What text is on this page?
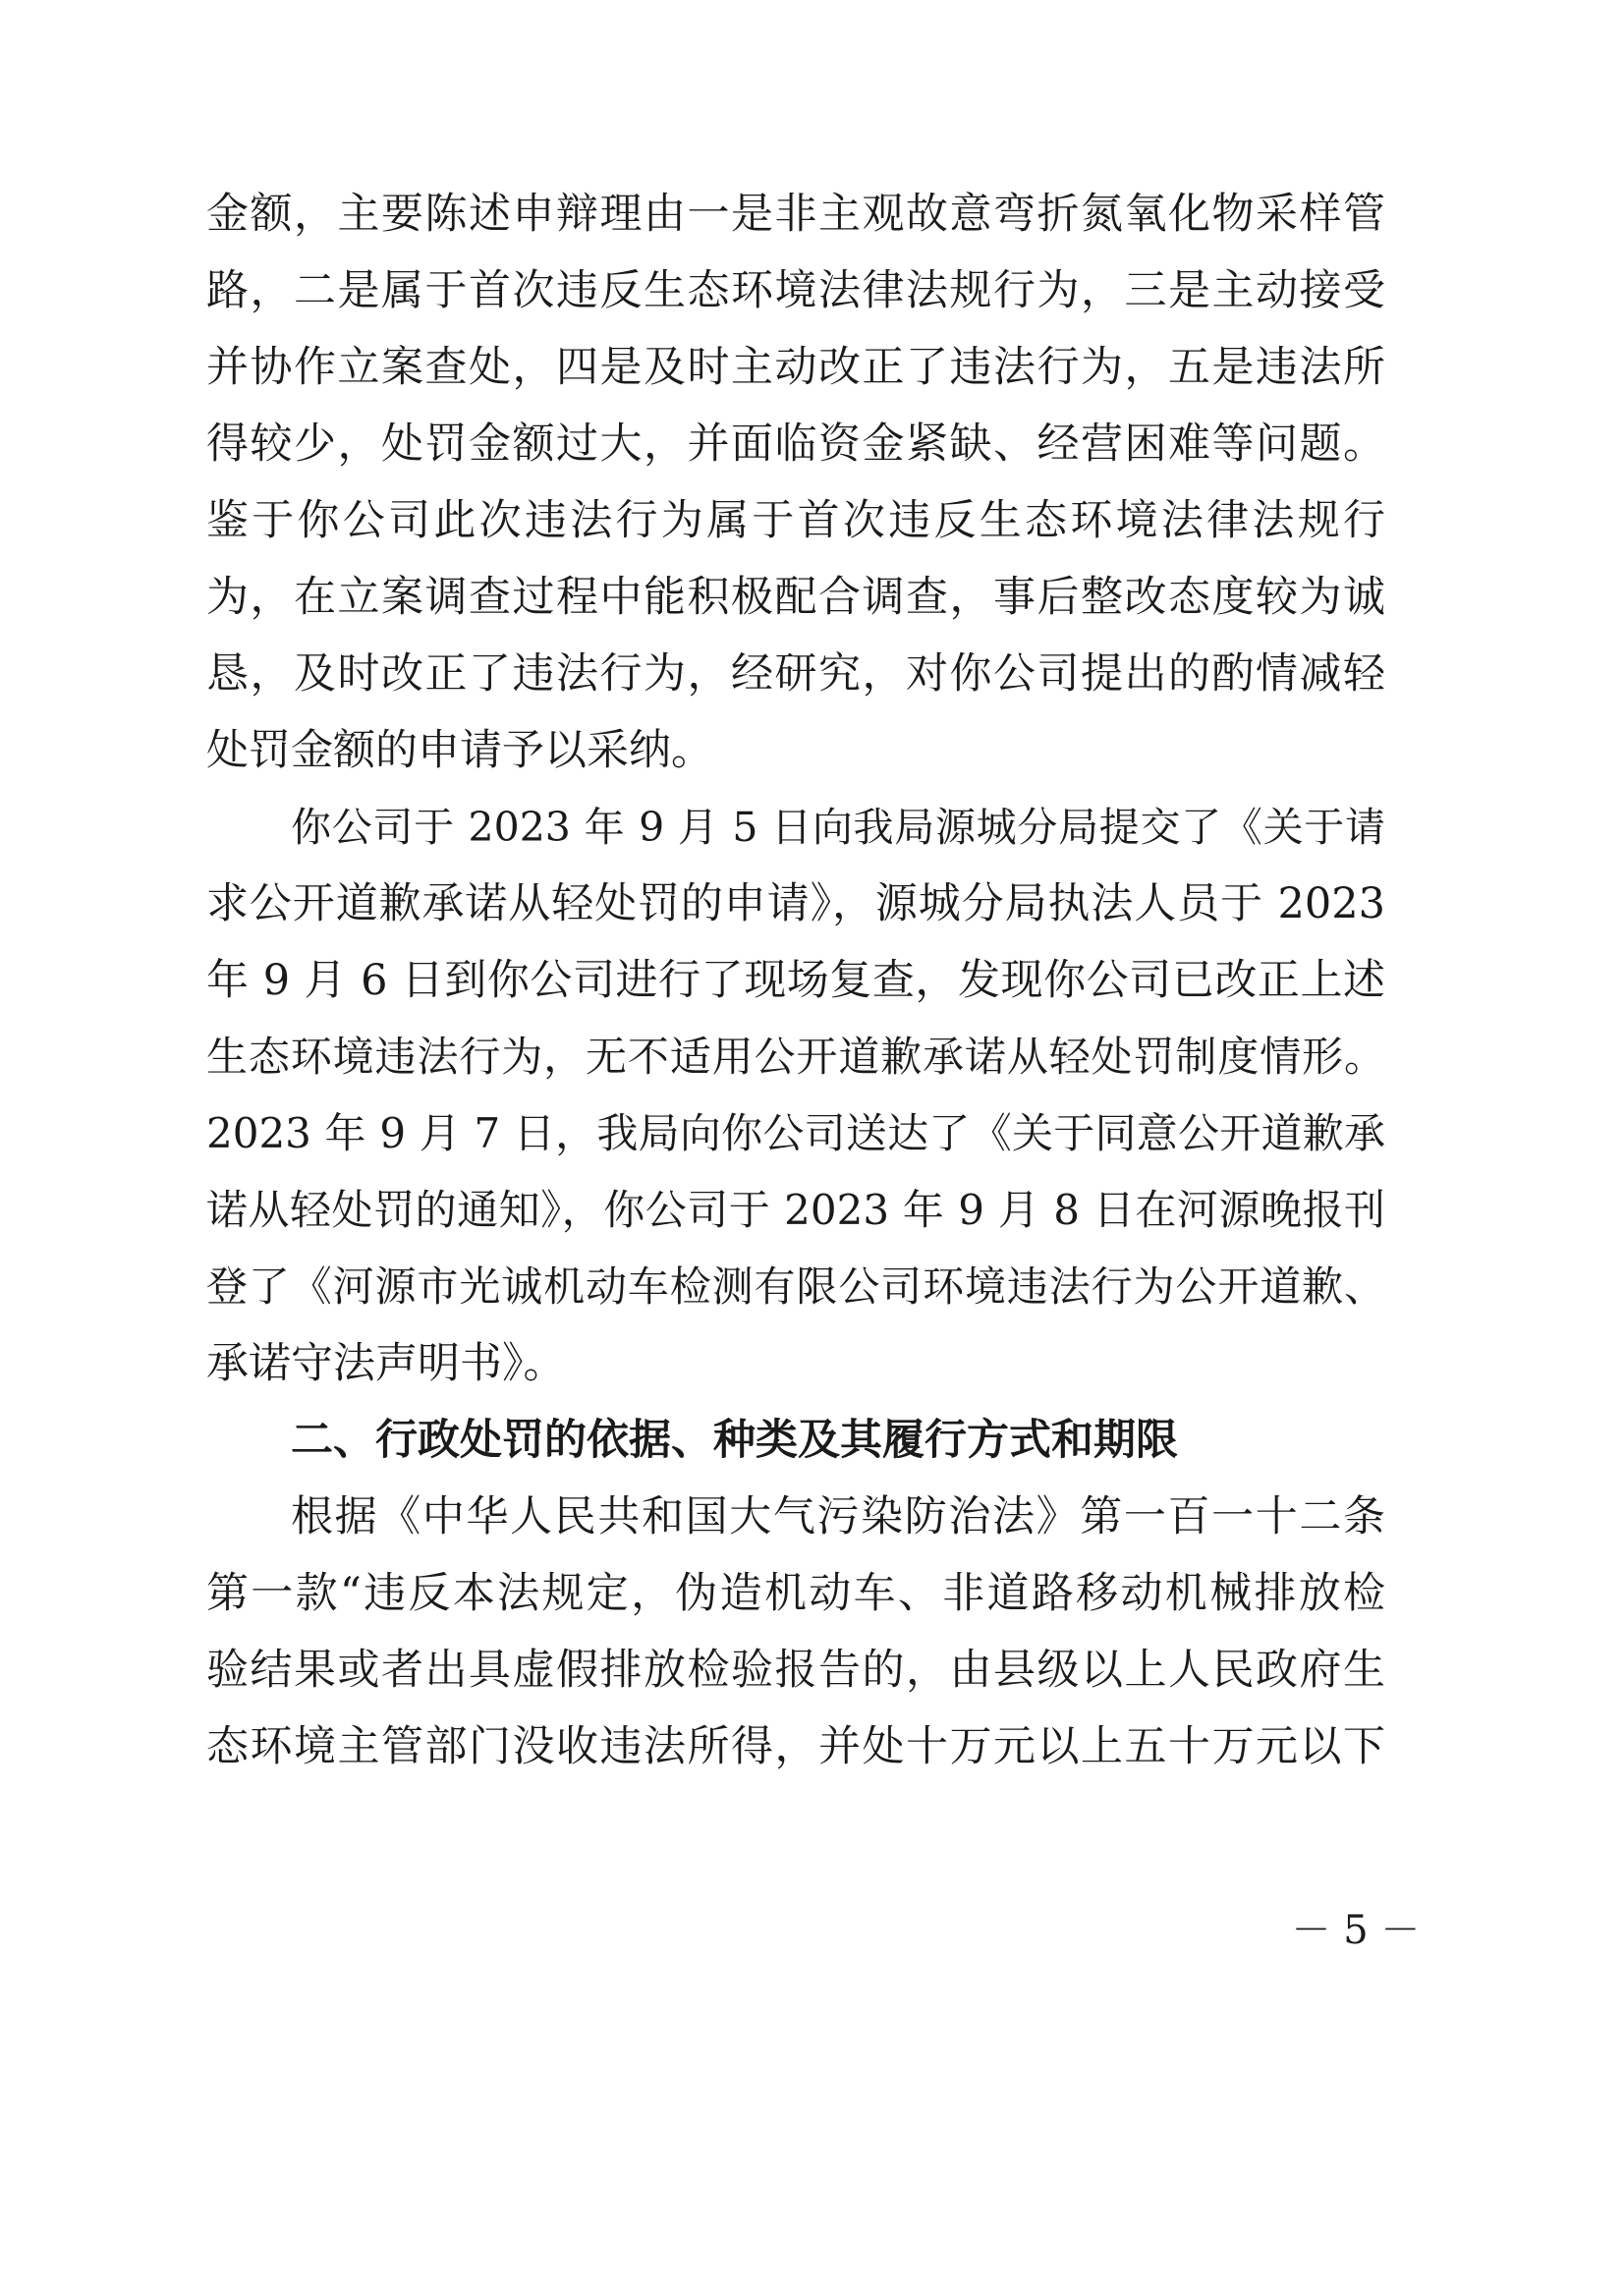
金额，主要陈述申辩理由一是非主观故意弯折氮氧化物采样管
路，二是属于首次违反生态环境法律法规行为，三是主动接受
并协作立案查处，四是及时主动改正了违法行为，五是违法所
得较少，处罚金额过大，并面临资金紧缺、经营困难等问题。
鉴于你公司此次违法行为属于首次违反生态环境法律法规行
为，在立案调查过程中能积极配合调查，事后整改态度较为诚
恳，及时改正了违法行为，经研究，对你公司提出的酌情减轻
处罚金额的申请予以采纳。
你公司于 2023 年 9 月 5 日向我局源城分局提交了《关于请
求公开道歉承诺从轻处罚的申请》，源城分局执法人员于 2023
年 9 月 6 日到你公司进行了现场复查，发现你公司已改正上述
生态环境违法行为，无不适用公开道歉承诺从轻处罚制度情形。
2023 年 9 月 7 日，我局向你公司送达了《关于同意公开道歉承
诺从轻处罚的通知》，你公司于 2023 年 9 月 8 日在河源晚报刊
登了《河源市光诚机动车检测有限公司环境违法行为公开道歉、
承诺守法声明书》。
二、行政处罚的依据、种类及其履行方式和期限
根据《中华人民共和国大气污染防治法》第一百一十二条
第一款“违反本法规定，伪造机动车、非道路移动机械排放检
验结果或者出具虚假排放检验报告的，由县级以上人民政府生
态环境主管部门没收违法所得，并处十万元以上五十万元以下
－ 5 －
